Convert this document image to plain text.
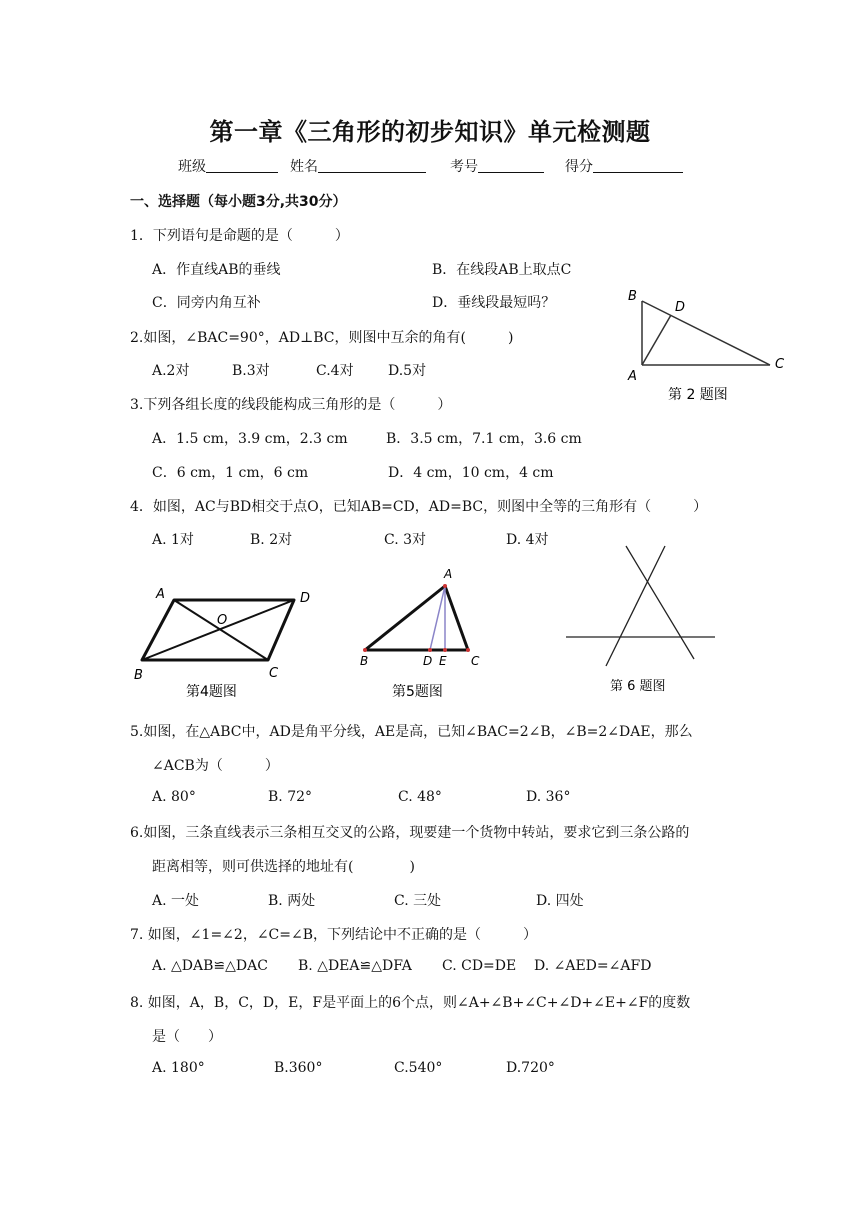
第一章《三角形的初步知识》单元检测题
班级	姓名	考号	得分
一、选择题（每小题3分,共30分）
1．下列语句是命题的是（　　　）
A．作直线AB的垂线	B．在线段AB上取点C
C．同旁内角互补	D．垂线段最短吗？	B
D
A
C
第 2 题图
2.如图，∠BAC=90°，AD⊥BC，则图中互余的角有(　　　)
A.2对	B.3对	C.4对 D.5对
3.下列各组长度的线段能构成三角形的是（　　　）
A．1.5 cm，3.9 cm，2.3 cm	B．3.5 cm，7.1 cm，3.6 cm
C．6 cm，1 cm，6 cm	D．4 cm，10 cm，4 cm
4．如图，AC与BD相交于点O，已知AB=CD，AD=BC，则图中全等的三角形有（　　　）
A. 1对	B. 2对	C. 3对	D. 4对
A	D
O
B	C
第4题图
A
B	D E C
第5题图	第 6 题图
5.如图，在△ABC中，AD是角平分线，AE是高，已知∠BAC=2∠B，∠B=2∠DAE，那么
∠ACB为（　　　）
A. 80°	B. 72°	C. 48°	D. 36°
6.如图，三条直线表示三条相互交叉的公路，现要建一个货物中转站，要求它到三条公路的
距离相等，则可供选择的地址有(　　　　)
A. 一处	B. 两处	C. 三处	D. 四处
7. 如图，∠1=∠2，∠C=∠B，下列结论中不正确的是（　　　）
A. △DAB≌△DAC B. △DEA≌△DFA C. CD=DE D. ∠AED=∠AFD
8. 如图，A，B，C，D，E，F是平面上的6个点，则∠A+∠B+∠C+∠D+∠E+∠F的度数
是（　　）
A. 180°	B.360°	C.540°	D.720°
